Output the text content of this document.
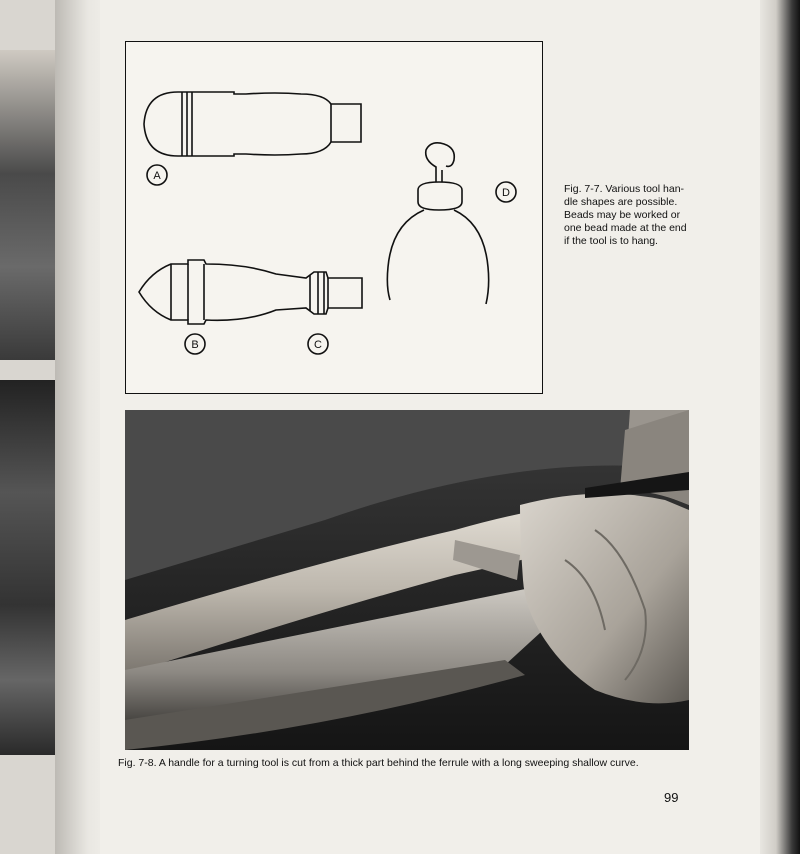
A
B	C
D	Fig. 7-7. Various tool han-
dle shapes are possible.
Beads may be worked or
one bead made at the end
if the tool is to hang.
Fig. 7-8. A handle for a turning tool is cut from a thick part behind the ferrule with a long sweeping shallow curve.
99
